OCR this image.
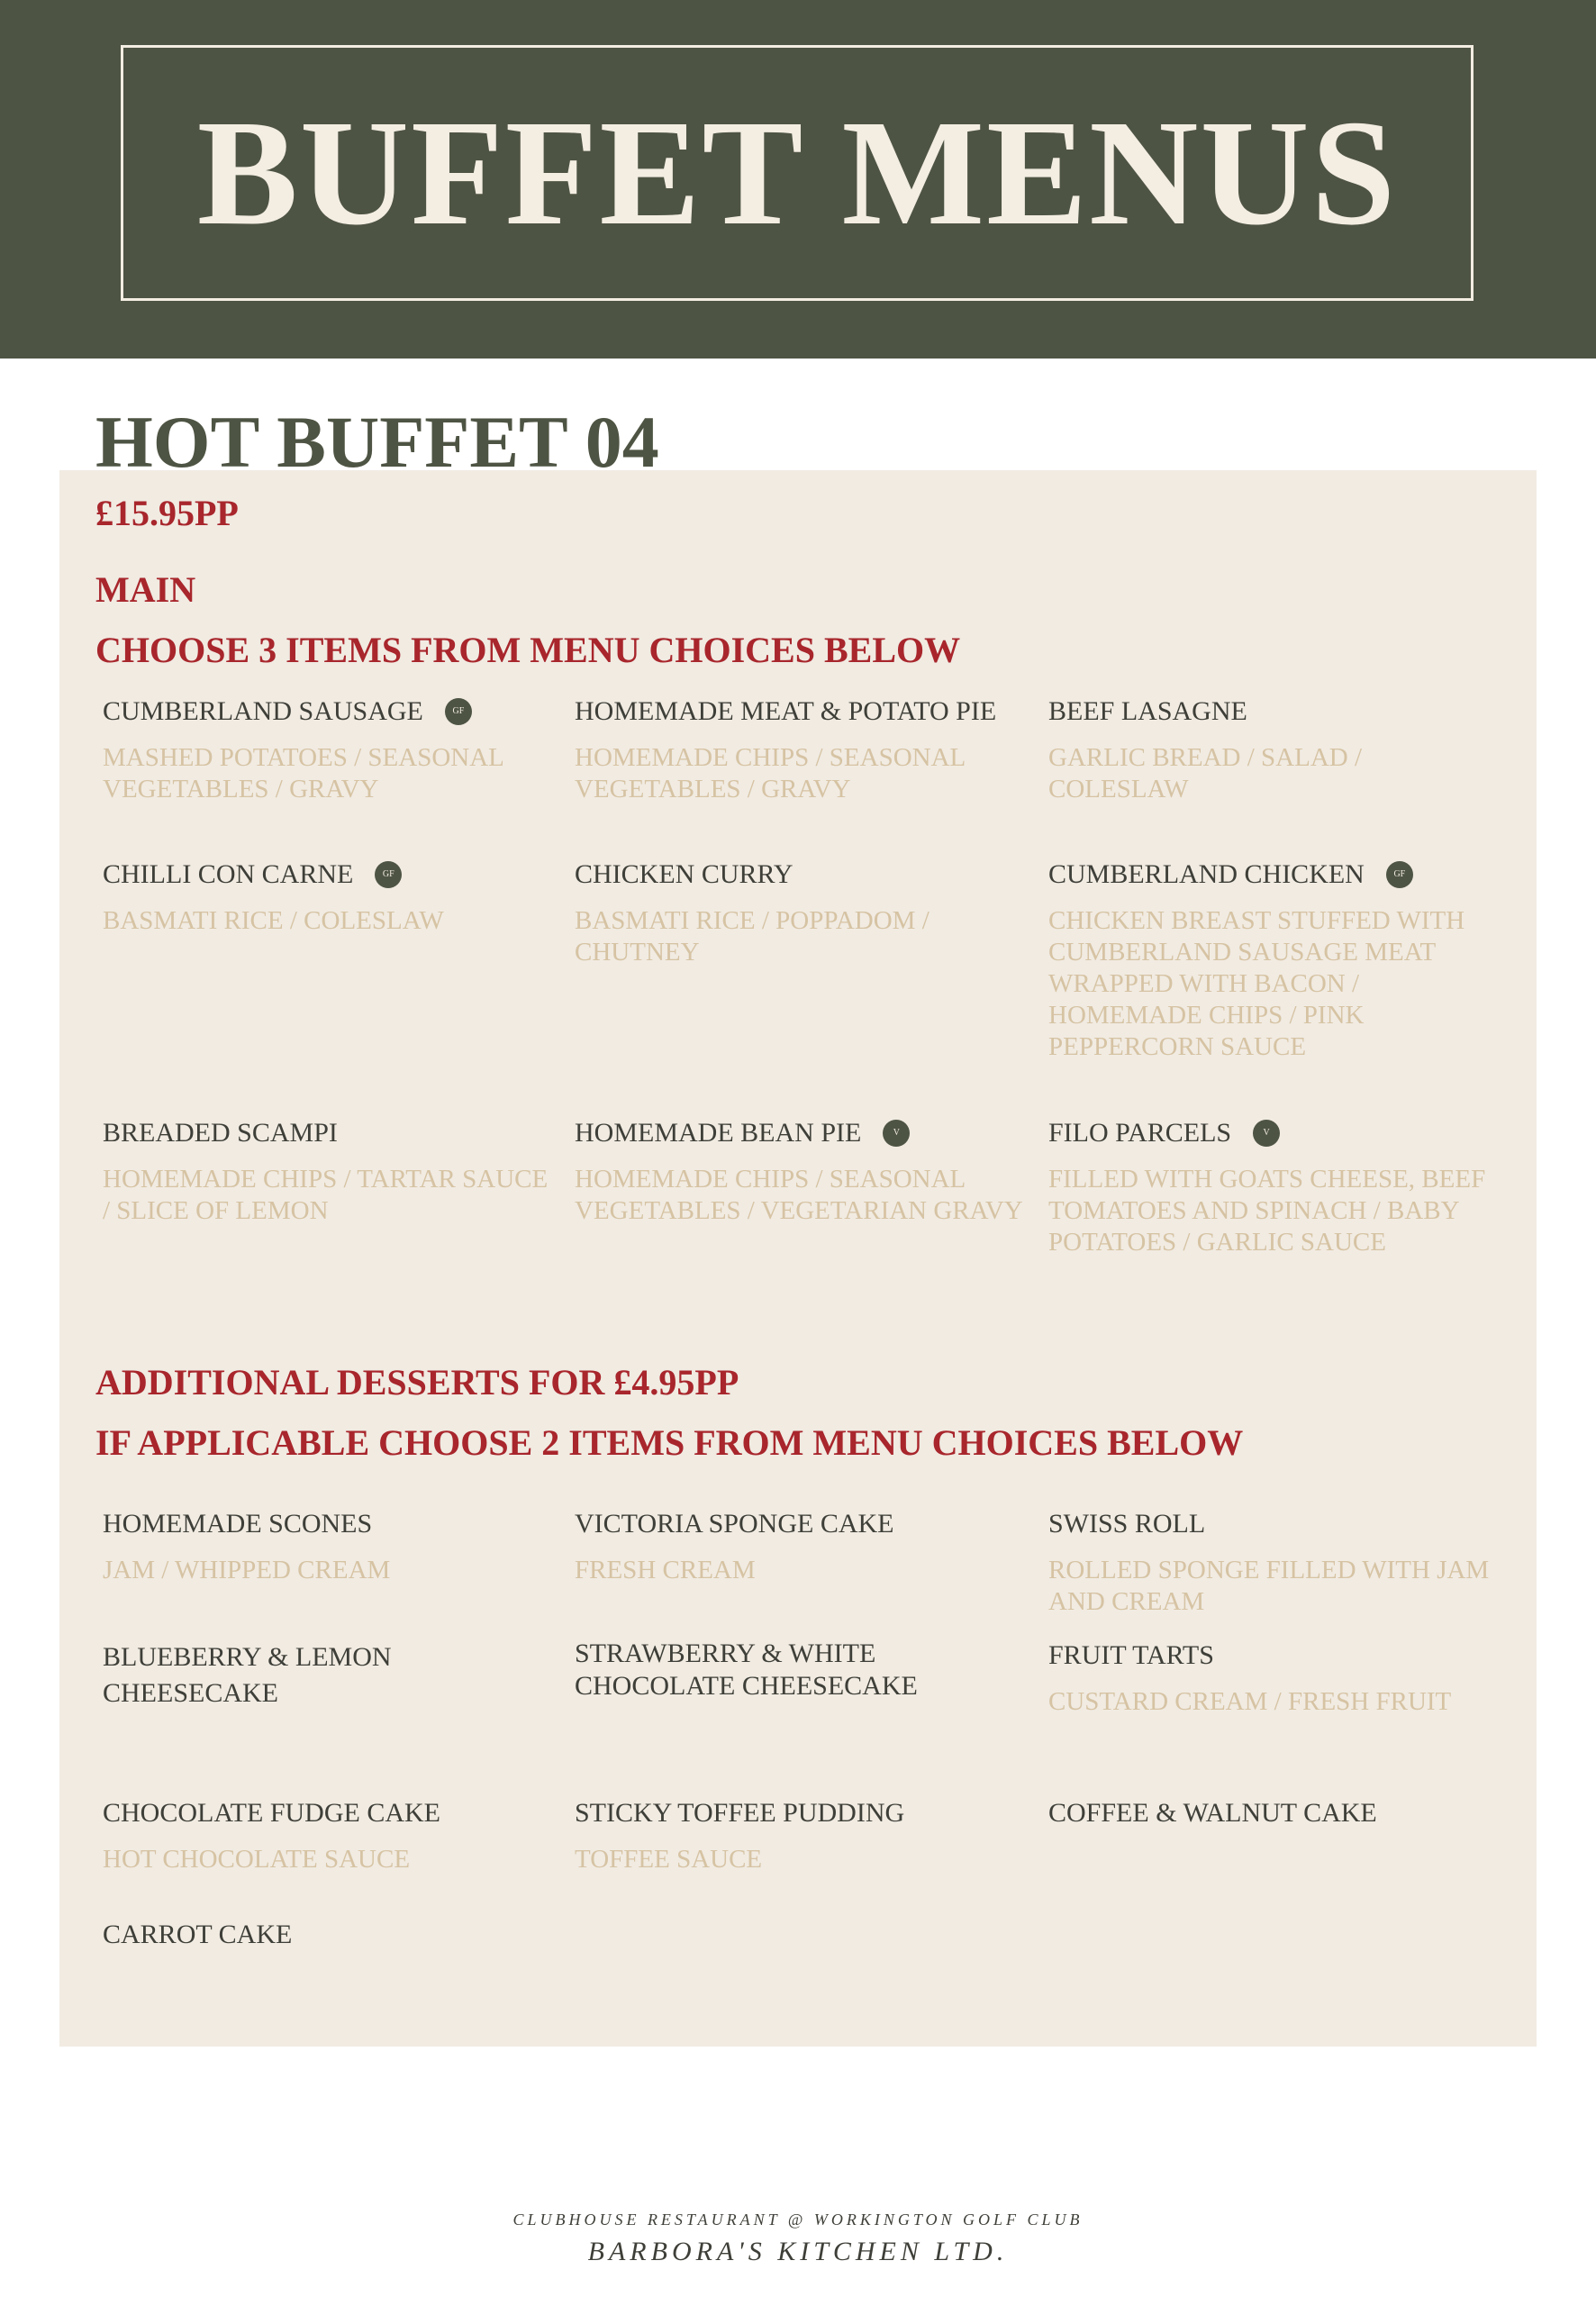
BUFFET MENUS
HOT BUFFET 04
£15.95PP
MAIN
CHOOSE 3 ITEMS FROM MENU CHOICES BELOW
CUMBERLAND SAUSAGE	GF
MASHED POTATOES / SEASONAL VEGETABLES / GRAVY
HOMEMADE MEAT & POTATO PIE
HOMEMADE CHIPS / SEASONAL VEGETABLES / GRAVY
BEEF LASAGNE
GARLIC BREAD / SALAD / COLESLAW
CHILLI CON CARNE	GF
BASMATI RICE / COLESLAW
CHICKEN CURRY
BASMATI RICE / POPPADOM / CHUTNEY
CUMBERLAND CHICKEN	GF
CHICKEN BREAST STUFFED WITH CUMBERLAND SAUSAGE MEAT WRAPPED WITH BACON / HOMEMADE CHIPS / PINK PEPPERCORN SAUCE
BREADED SCAMPI
HOMEMADE CHIPS / TARTAR SAUCE / SLICE OF LEMON
HOMEMADE BEAN PIE	V
HOMEMADE CHIPS / SEASONAL VEGETABLES / VEGETARIAN GRAVY
FILO PARCELS	V
FILLED WITH GOATS CHEESE, BEEF TOMATOES AND SPINACH / BABY POTATOES / GARLIC SAUCE
ADDITIONAL DESSERTS FOR £4.95PP
IF APPLICABLE CHOOSE 2 ITEMS FROM MENU CHOICES BELOW
HOMEMADE SCONES
JAM / WHIPPED CREAM
VICTORIA SPONGE CAKE
FRESH CREAM
SWISS ROLL
ROLLED SPONGE FILLED WITH JAM AND CREAM
BLUEBERRY & LEMON CHEESECAKE
STRAWBERRY & WHITE CHOCOLATE CHEESECAKE
FRUIT TARTS
CUSTARD CREAM / FRESH FRUIT
CHOCOLATE FUDGE CAKE
HOT CHOCOLATE SAUCE
STICKY TOFFEE PUDDING
TOFFEE SAUCE
COFFEE & WALNUT CAKE
CARROT CAKE
CLUBHOUSE RESTAURANT @ WORKINGTON GOLF CLUB
BARBORA'S KITCHEN LTD.
